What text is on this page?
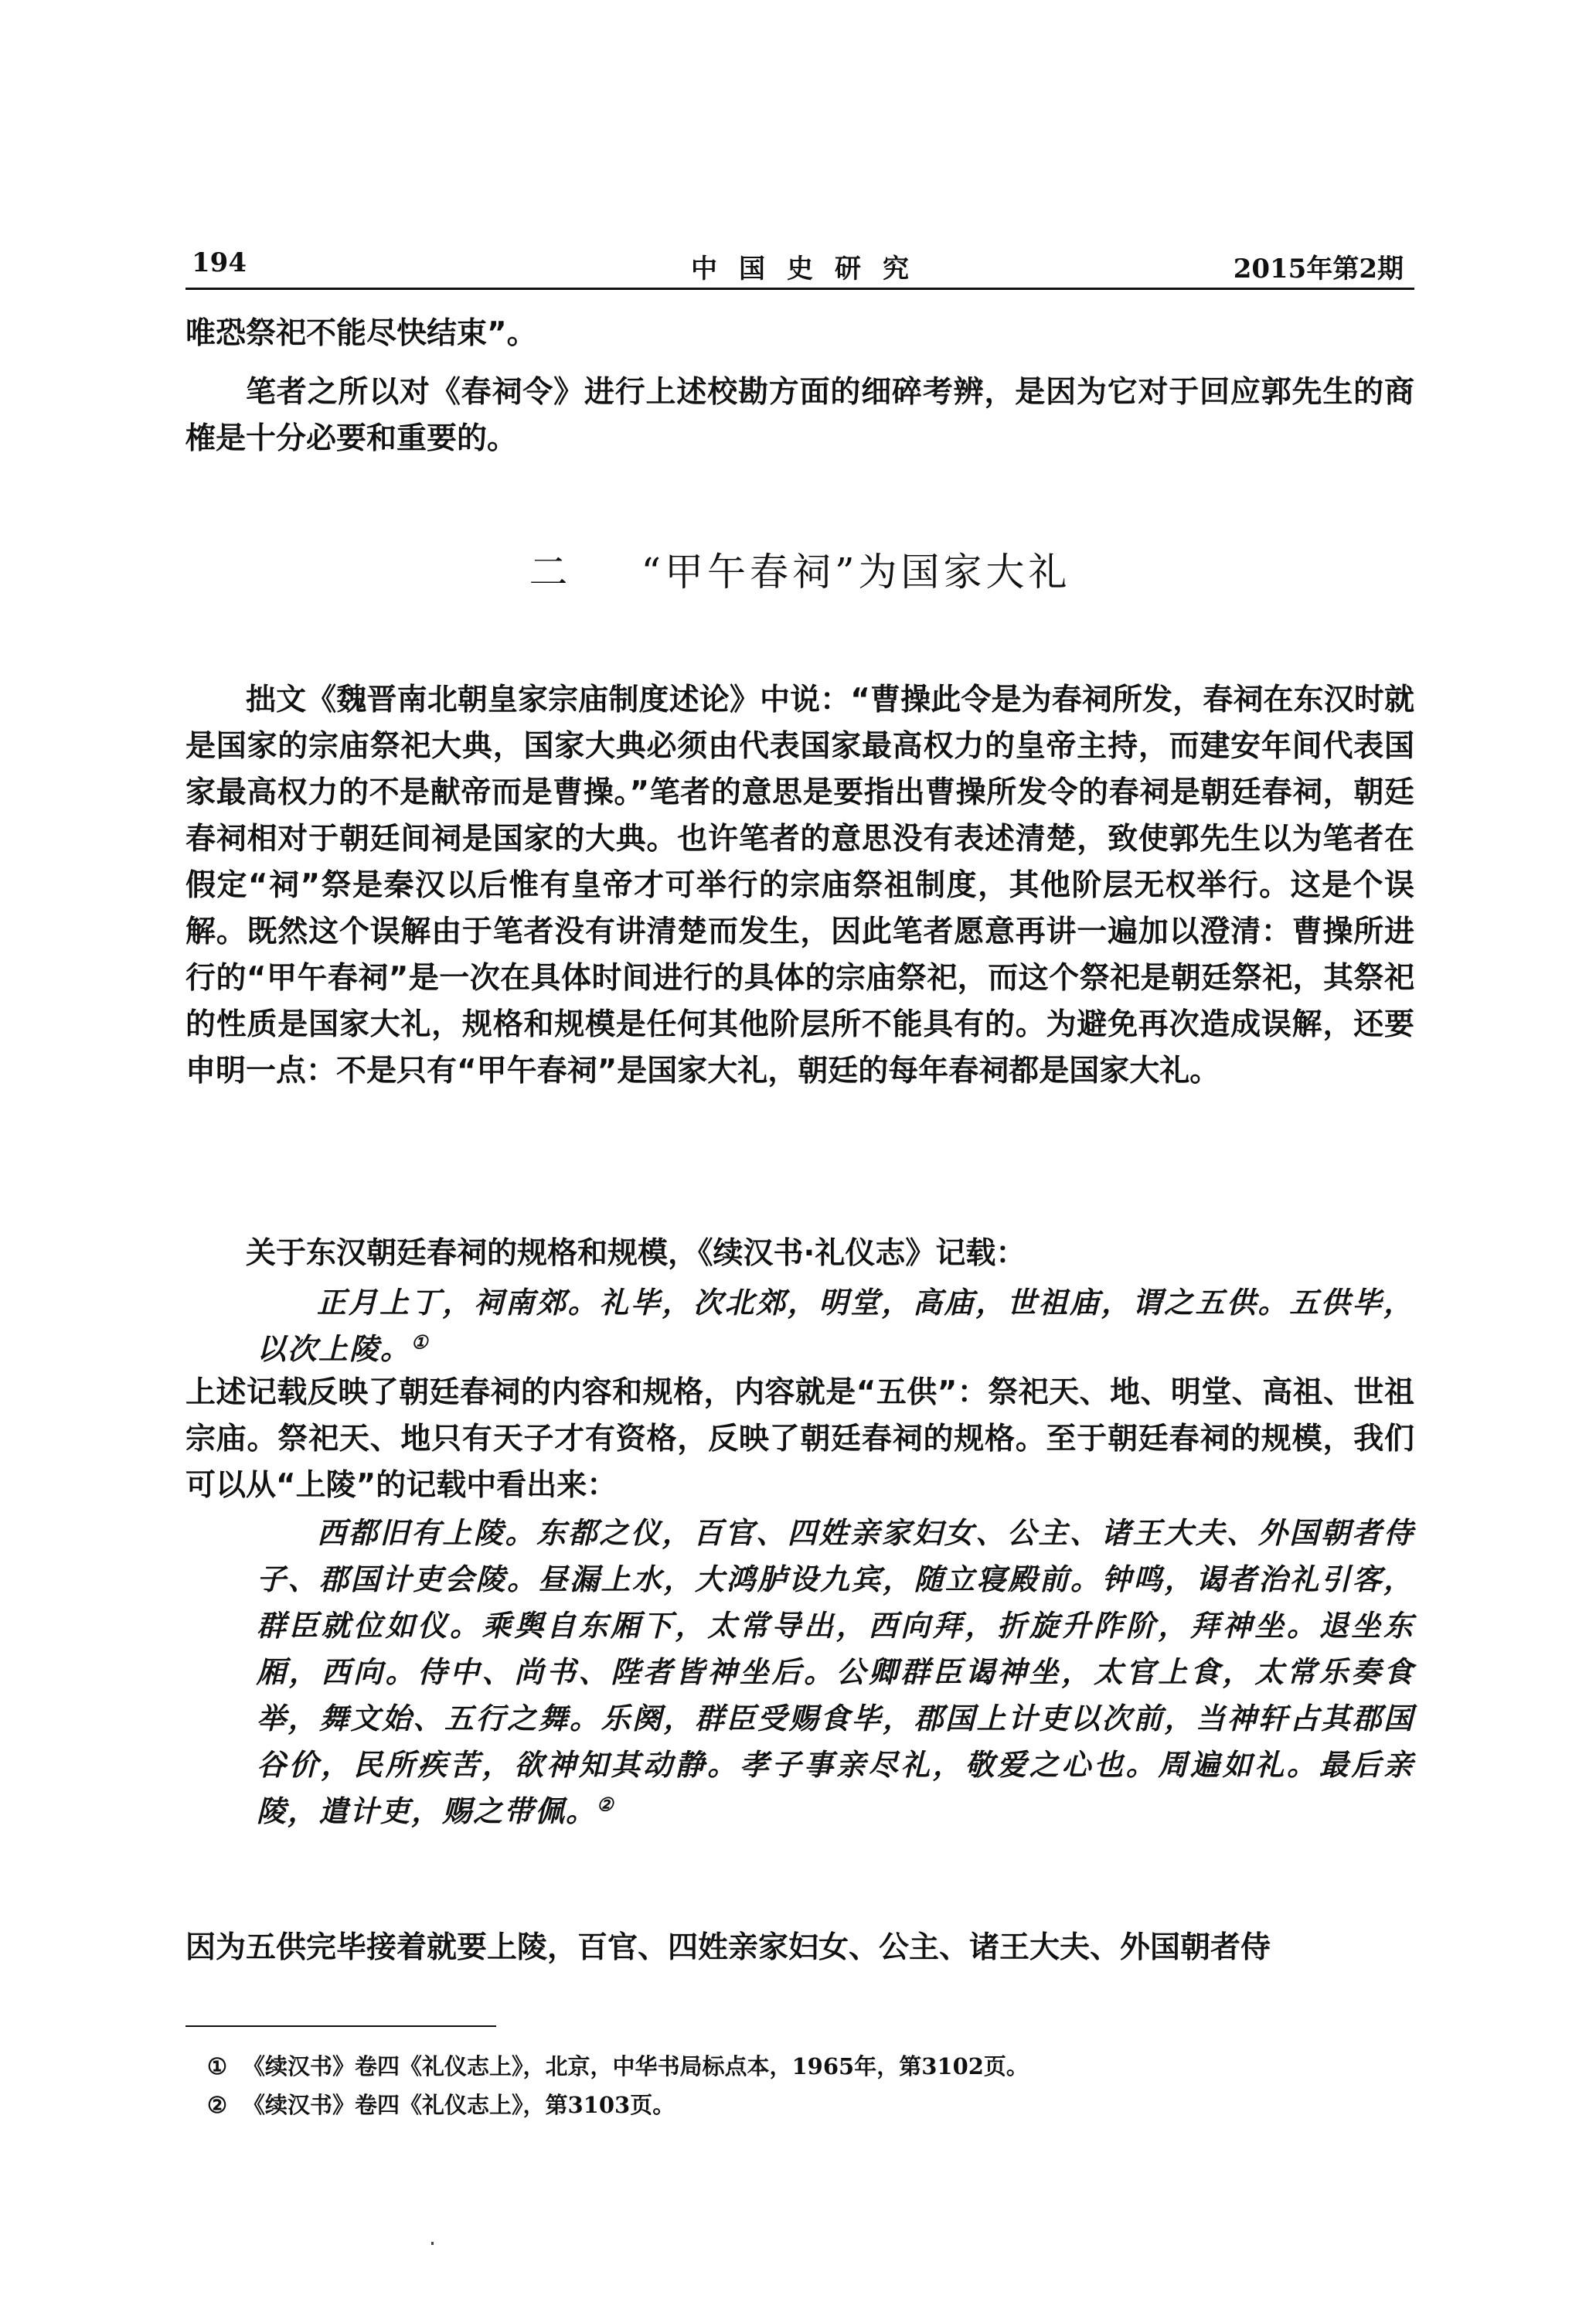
194	中国史研究	2015年第2期

唯恐祭祀不能尽快结束”。

笔者之所以对《春祠令》进行上述校勘方面的细碎考辨，是因为它对于回应郭先生的商榷是十分必要和重要的。

二 “甲午春祠”为国家大礼

拙文《魏晋南北朝皇家宗庙制度述论》中说：“曹操此令是为春祠所发，春祠在东汉时就是国家的宗庙祭祀大典，国家大典必须由代表国家最高权力的皇帝主持，而建安年间代表国家最高权力的不是献帝而是曹操。”笔者的意思是要指出曹操所发令的春祠是朝廷春祠，朝廷春祠相对于朝廷间祠是国家的大典。也许笔者的意思没有表述清楚，致使郭先生以为笔者在假定“祠”祭是秦汉以后惟有皇帝才可举行的宗庙祭祖制度，其他阶层无权举行。这是个误解。既然这个误解由于笔者没有讲清楚而发生，因此笔者愿意再讲一遍加以澄清：曹操所进行的“甲午春祠”是一次在具体时间进行的具体的宗庙祭祀，而这个祭祀是朝廷祭祀，其祭祀的性质是国家大礼，规格和规模是任何其他阶层所不能具有的。为避免再次造成误解，还要申明一点：不是只有“甲午春祠”是国家大礼，朝廷的每年春祠都是国家大礼。

关于东汉朝廷春祠的规格和规模，《续汉书·礼仪志》记载：

正月上丁，祠南郊。礼毕，次北郊，明堂，高庙，世祖庙，谓之五供。五供毕，以次上陵。①

上述记载反映了朝廷春祠的内容和规格，内容就是“五供”：祭祀天、地、明堂、高祖、世祖宗庙。祭祀天、地只有天子才有资格，反映了朝廷春祠的规格。至于朝廷春祠的规模，我们可以从“上陵”的记载中看出来：

西都旧有上陵。东都之仪，百官、四姓亲家妇女、公主、诸王大夫、外国朝者侍子、郡国计吏会陵。昼漏上水，大鸿胪设九宾，随立寝殿前。钟鸣，谒者治礼引客，群臣就位如仪。乘舆自东厢下，太常导出，西向拜，折旋升阼阶，拜神坐。退坐东厢，西向。侍中、尚书、陛者皆神坐后。公卿群臣谒神坐，太官上食，太常乐奏食举，舞文始、五行之舞。乐阕，群臣受赐食毕，郡国上计吏以次前，当神轩占其郡国谷价，民所疾苦，欲神知其动静。孝子事亲尽礼，敬爱之心也。周遍如礼。最后亲陵，遣计吏，赐之带佩。②

因为五供完毕接着就要上陵，百官、四姓亲家妇女、公主、诸王大夫、外国朝者侍

① 《续汉书》卷四《礼仪志上》，北京，中华书局标点本，1965年，第3102页。
② 《续汉书》卷四《礼仪志上》，第3103页。
